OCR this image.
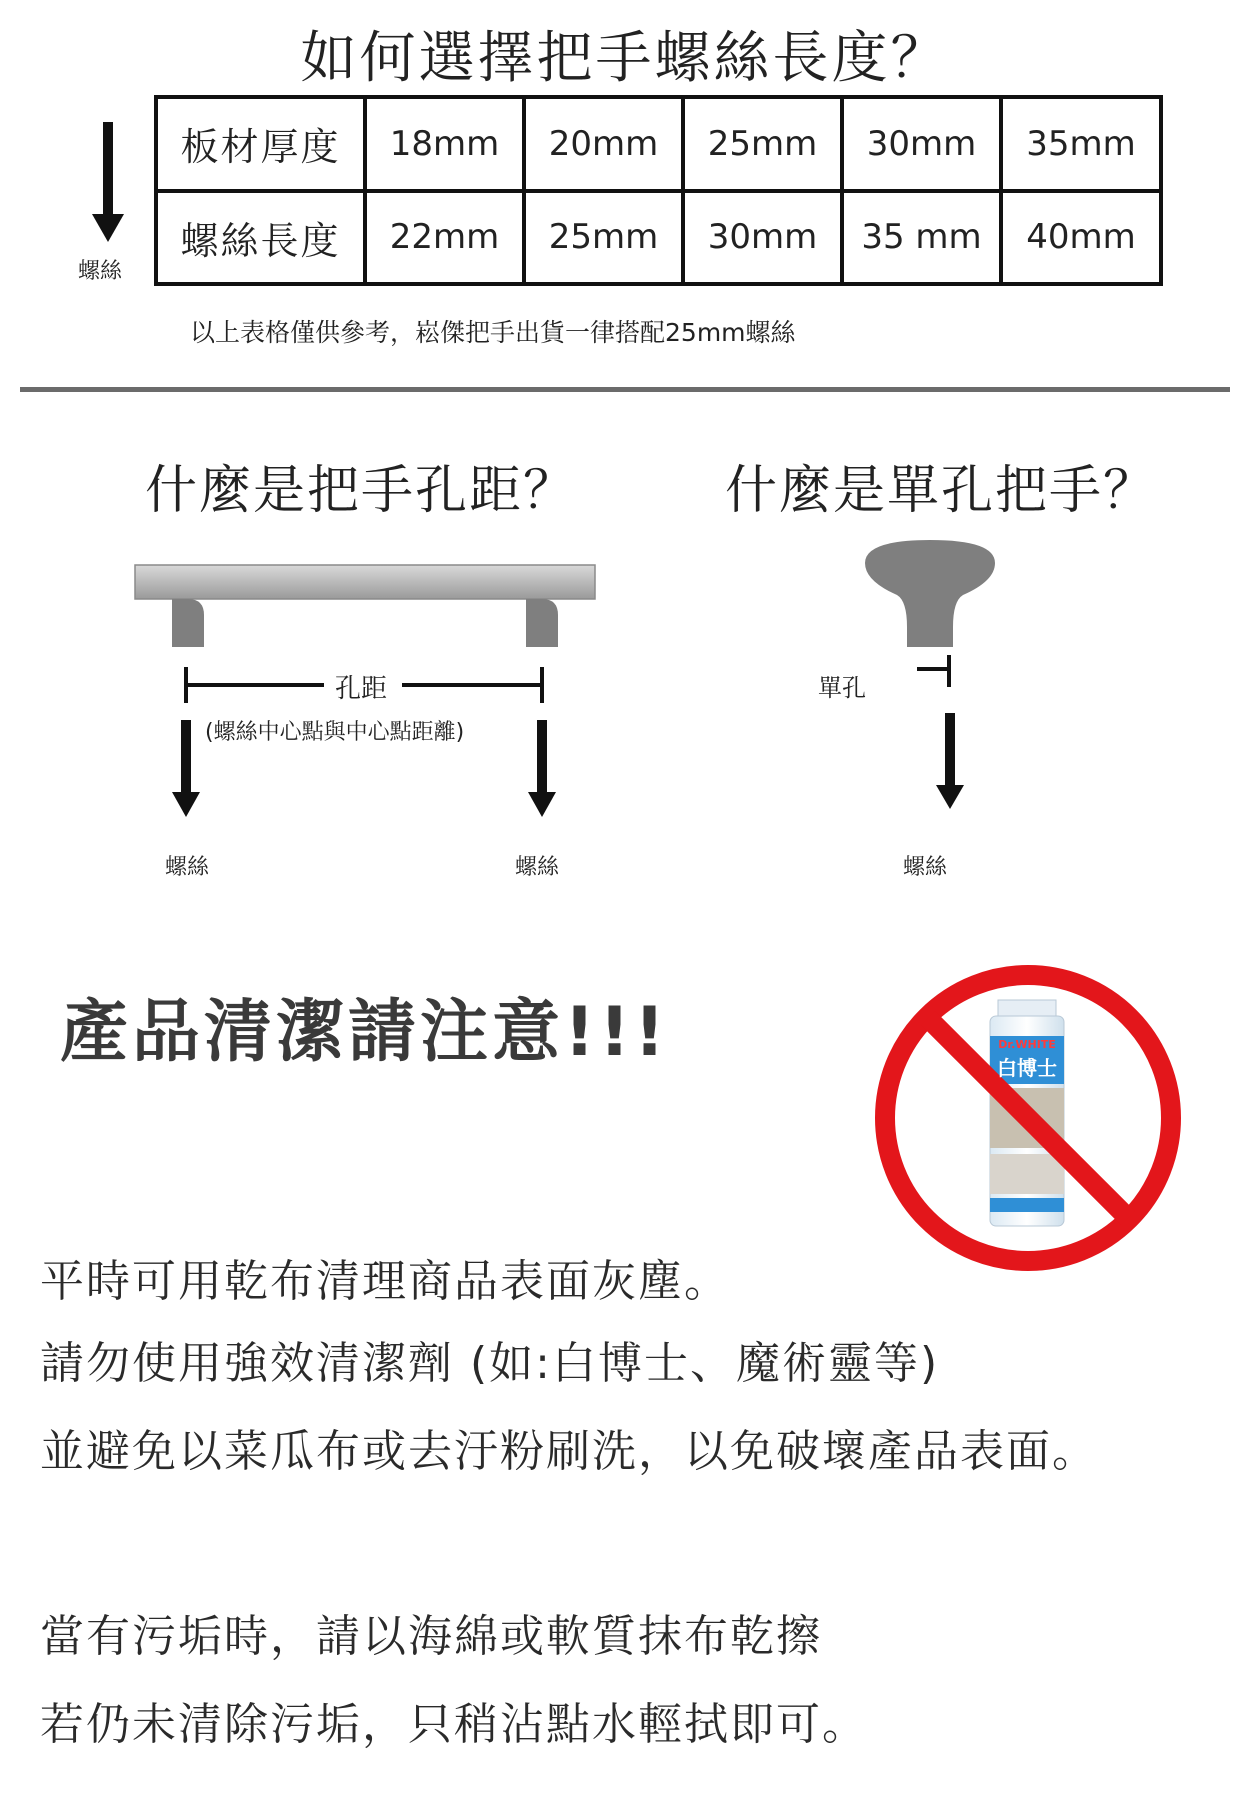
如何選擇把手螺絲長度？
螺絲
板材厚度	18mm	20mm	25mm	30mm	35mm
螺絲長度	22mm	25mm	30mm	35 mm	40mm
以上表格僅供參考，崧傑把手出貨一律搭配25mm螺絲
什麼是把手孔距？	什麼是單孔把手？
孔距
(螺絲中心點與中心點距離)
螺絲	螺絲
單孔
螺絲
產品清潔請注意!!!	Dr.WHITE
白博士
平時可用乾布清理商品表面灰塵。
請勿使用強效清潔劑 (如:白博士、魔術靈等)
並避免以菜瓜布或去汙粉刷洗，以免破壞產品表面。
當有污垢時，請以海綿或軟質抹布乾擦
若仍未清除污垢，只稍沾點水輕拭即可。
